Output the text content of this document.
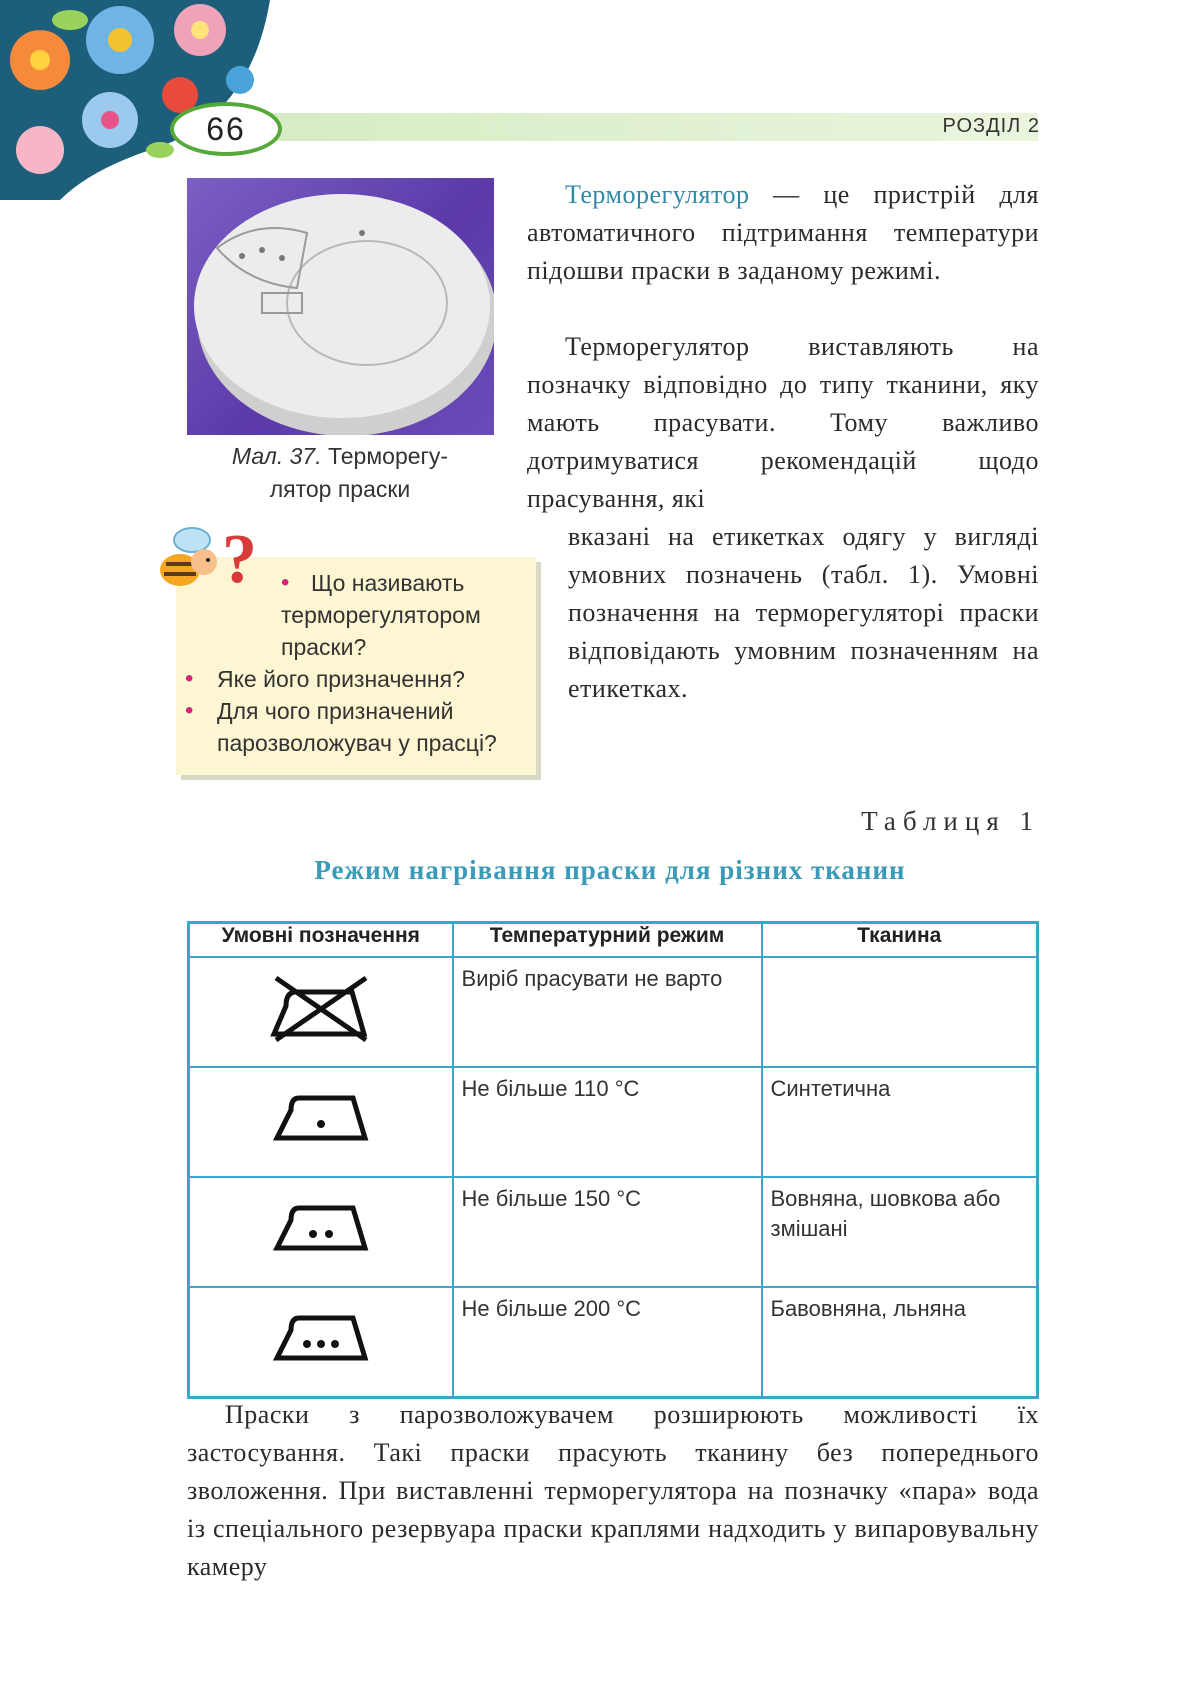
66	РОЗДІЛ 2
Мал. 37. Терморегу-
лятор праски
Терморегулятор — це пристрій для автоматичного підтримання температури підошви праски в заданому режимі.
Терморегулятор виставляють на позначку відповідно до типу тканини, яку мають прасувати. Тому важливо дотримуватися рекомендацій щодо прасування, які
вказані на етикетках одягу у вигляді умовних позначень (табл. 1). Умовні позначення на терморегуляторі праски відповідають умовним позначенням на етикетках.
?	• Що називають терморегулятором праски?
• Яке його призначення?
• Для чого призначений парозволожувач у прасці?
Таблиця 1
Режим нагрівання праски для різних тканин
Умовні позначення	Температурний режим	Тканина
	Виріб прасувати не варто	
	Не більше 110 °С	Синтетична
	Не більше 150 °С	Вовняна, шовкова або змішані
	Не більше 200 °С	Бавовняна, льняна
Праски з парозволожувачем розширюють можливості їх застосування. Такі праски прасують тканину без попереднього зволоження. При виставленні терморегулятора на позначку «пара» вода із спеціального резервуара праски краплями надходить у випаровувальну камеру
